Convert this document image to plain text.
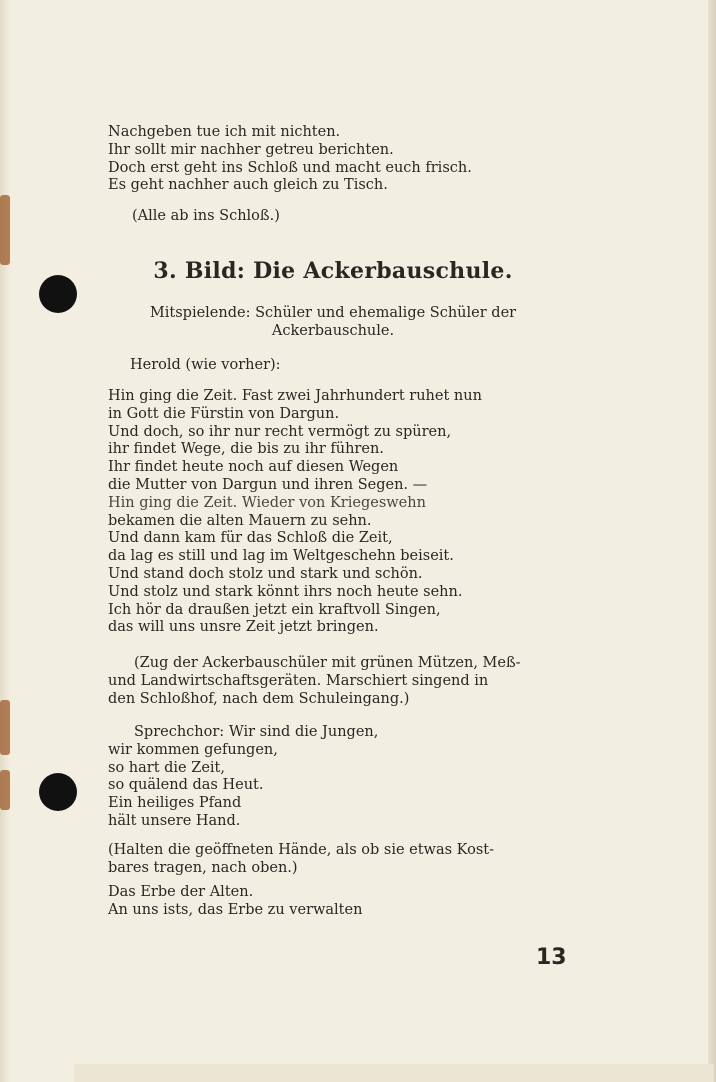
Nachgeben tue ich mit nichten.
Ihr sollt mir nachher getreu berichten.
Doch erst geht ins Schloß und macht euch frisch.
Es geht nachher auch gleich zu Tisch.
(Alle ab ins Schloß.)
3. Bild: Die Ackerbauschule.
Mitspielende: Schüler und ehemalige Schüler der
Ackerbauschule.
Herold (wie vorher):
Hin ging die Zeit. Fast zwei Jahrhundert ruhet nun
in Gott die Fürstin von Dargun.
Und doch, so ihr nur recht vermögt zu spüren,
ihr findet Wege, die bis zu ihr führen.
Ihr findet heute noch auf diesen Wegen
die Mutter von Dargun und ihren Segen. —
Hin ging die Zeit. Wieder von Kriegeswehn
bekamen die alten Mauern zu sehn.
Und dann kam für das Schloß die Zeit,
da lag es still und lag im Weltgeschehn beiseit.
Und stand doch stolz und stark und schön.
Und stolz und stark könnt ihrs noch heute sehn.
Ich hör da draußen jetzt ein kraftvoll Singen,
das will uns unsre Zeit jetzt bringen.
(Zug der Ackerbauschüler mit grünen Mützen, Meß-
und Landwirtschaftsgeräten. Marschiert singend in
den Schloßhof, nach dem Schuleingang.)
Sprechchor: Wir sind die Jungen,
wir kommen gefungen,
so hart die Zeit,
so quälend das Heut.
Ein heiliges Pfand
hält unsere Hand.
(Halten die geöffneten Hände, als ob sie etwas Kost-
bares tragen, nach oben.)
Das Erbe der Alten.
An uns ists, das Erbe zu verwalten
13
